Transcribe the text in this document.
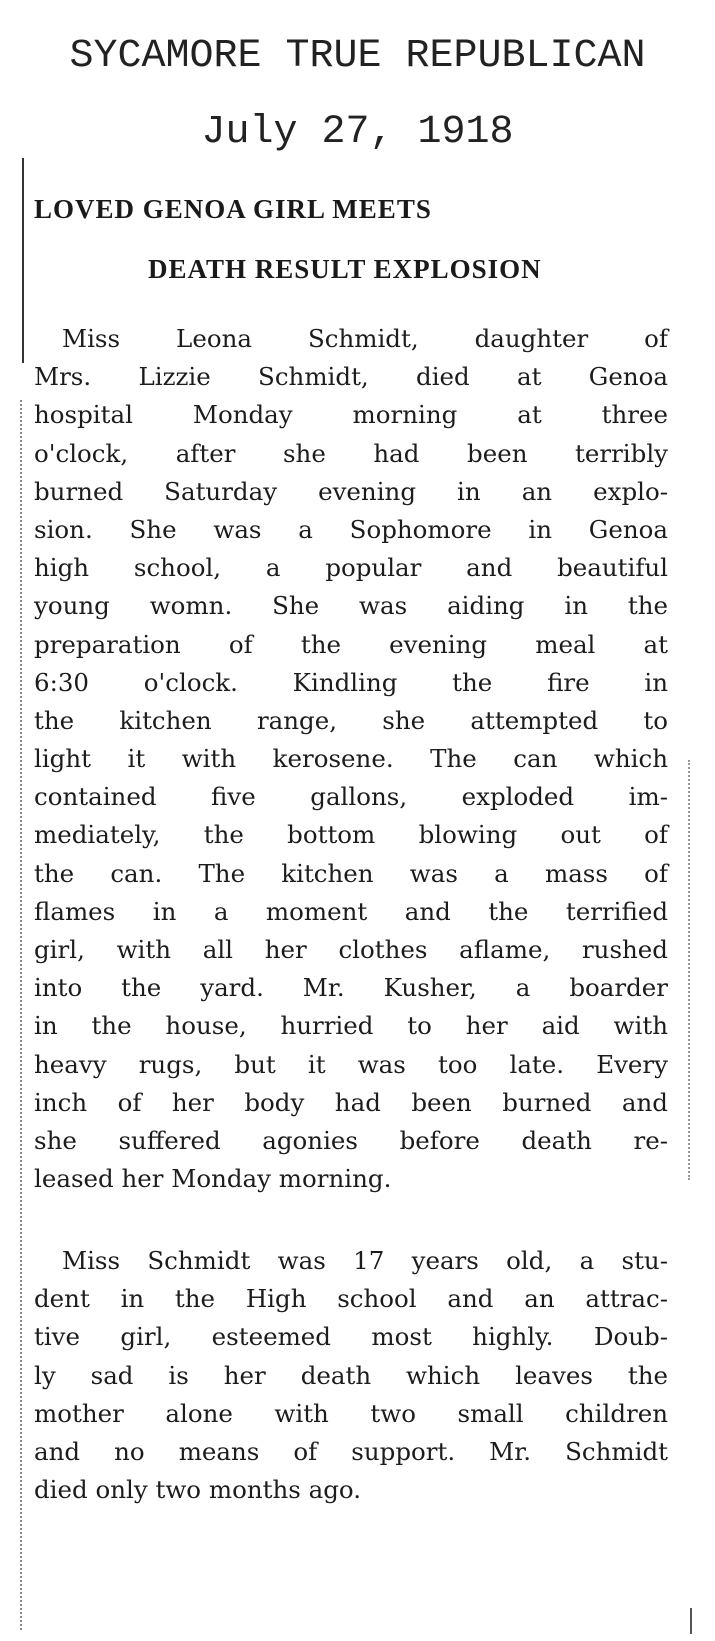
SYCAMORE TRUE REPUBLICAN
July 27, 1918
LOVED GENOA GIRL MEETS
DEATH RESULT EXPLOSION
Miss Leona Schmidt, daughter of
Mrs. Lizzie Schmidt, died at Genoa
hospital Monday morning at three
o'clock, after she had been terribly
burned Saturday evening in an explo-
sion. She was a Sophomore in Genoa
high school, a popular and beautiful
young womn. She was aiding in the
preparation of the evening meal at
6:30 o'clock. Kindling the fire in
the kitchen range, she attempted to
light it with kerosene. The can which
contained five gallons, exploded im-
mediately, the bottom blowing out of
the can. The kitchen was a mass of
flames in a moment and the terrified
girl, with all her clothes aflame, rushed
into the yard. Mr. Kusher, a boarder
in the house, hurried to her aid with
heavy rugs, but it was too late. Every
inch of her body had been burned and
she suffered agonies before death re-
leased her Monday morning.
Miss Schmidt was 17 years old, a stu-
dent in the High school and an attrac-
tive girl, esteemed most highly. Doub-
ly sad is her death which leaves the
mother alone with two small children
and no means of support. Mr. Schmidt
died only two months ago.
